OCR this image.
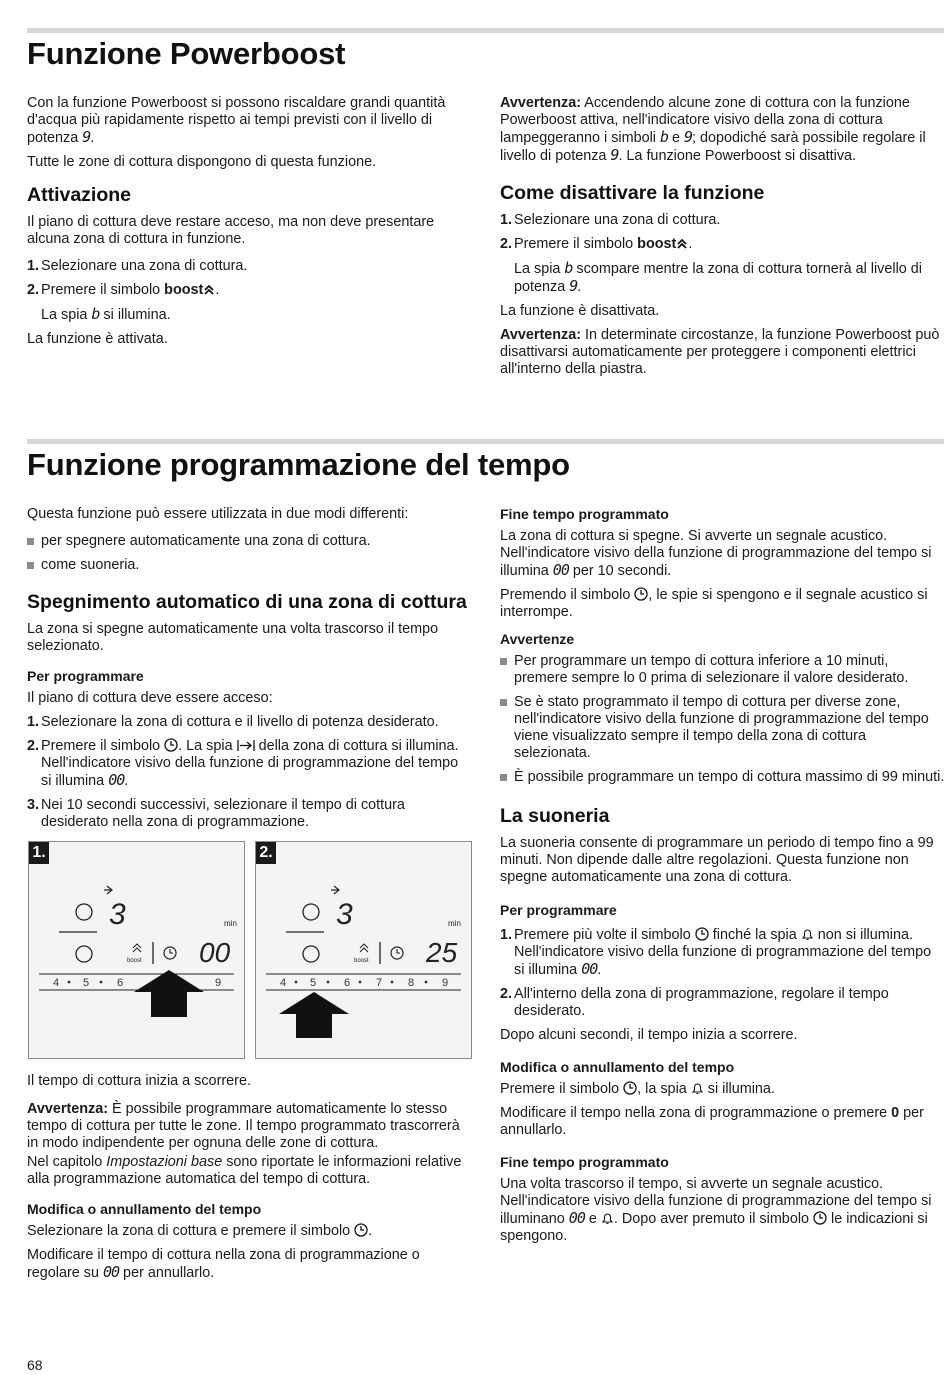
Funzione Powerboost

Con la funzione Powerboost si possono riscaldare grandi quantità d'acqua più rapidamente rispetto ai tempi previsti con il livello di potenza 9.

Tutte le zone di cottura dispongono di questa funzione.

Attivazione

Il piano di cottura deve restare acceso, ma non deve presentare alcuna zona di cottura in funzione.

1. Selezionare una zona di cottura.
2. Premere il simbolo boost .
La spia b si illumina.

La funzione è attivata.

Avvertenza: Accendendo alcune zone di cottura con la funzione Powerboost attiva, nell'indicatore visivo della zona di cottura lampeggeranno i simboli b e 9; dopodiché sarà possibile regolare il livello di potenza 9. La funzione Powerboost si disattiva.

Come disattivare la funzione
1. Selezionare una zona di cottura.
2. Premere il simbolo boost .
La spia b scompare mentre la zona di cottura tornerà al livello di potenza 9.

La funzione è disattivata.

Avvertenza: In determinate circostanze, la funzione Powerboost può disattivarsi automaticamente per proteggere i componenti elettrici all'interno della piastra.

Funzione programmazione del tempo

Questa funzione può essere utilizzata in due modi differenti:

per spegnere automaticamente una zona di cottura.
come suoneria.
Spegnimento automatico di una zona di cottura

La zona si spegne automaticamente una volta trascorso il tempo selezionato.

Per programmare

Il piano di cottura deve essere acceso:

1. Selezionare la zona di cottura e il livello di potenza desiderato.
2. Premere il simbolo . La spia  della zona di cottura si illumina. Nell'indicatore visivo della funzione di programmazione del tempo si illumina 00.
3. Nei 10 secondi successivi, selezionare il tempo di cottura desiderato nella zona di programmazione.
1.
3
boost
min
00
4 5	6	9
2.
3
boost
min
25
4 5	6 7 8	9

Il tempo di cottura inizia a scorrere.

Avvertenza: È possibile programmare automaticamente lo stesso tempo di cottura per tutte le zone. Il tempo programmato trascorrerà in modo indipendente per ognuna delle zone di cottura.

Nel capitolo Impostazioni base sono riportate le informazioni relative alla programmazione automatica del tempo di cottura.

Modifica o annullamento del tempo

Selezionare la zona di cottura e premere il simbolo .

Modificare il tempo di cottura nella zona di programmazione o regolare su 00 per annullarlo.

Fine tempo programmato

La zona di cottura si spegne. Si avverte un segnale acustico. Nell'indicatore visivo della funzione di programmazione del tempo si illumina 00 per 10 secondi.

Premendo il simbolo , le spie si spengono e il segnale acustico si interrompe.

Avvertenze
Per programmare un tempo di cottura inferiore a 10 minuti, premere sempre lo 0 prima di selezionare il valore desiderato.
Se è stato programmato il tempo di cottura per diverse zone, nell'indicatore visivo della funzione di programmazione del tempo viene visualizzato sempre il tempo della zona di cottura selezionata.
È possibile programmare un tempo di cottura massimo di 99 minuti.
La suoneria

La suoneria consente di programmare un periodo di tempo fino a 99 minuti. Non dipende dalle altre regolazioni. Questa funzione non spegne automaticamente una zona di cottura.

Per programmare
1. Premere più volte il simbolo  finché la spia  non si illumina. Nell'indicatore visivo della funzione di programmazione del tempo si illumina 00.
2. All'interno della zona di programmazione, regolare il tempo desiderato.

Dopo alcuni secondi, il tempo inizia a scorrere.

Modifica o annullamento del tempo

Premere il simbolo , la spia  si illumina.

Modificare il tempo nella zona di programmazione o premere 0 per annullarlo.

Fine tempo programmato

Una volta trascorso il tempo, si avverte un segnale acustico. Nell'indicatore visivo della funzione di programmazione del tempo si illuminano 00 e . Dopo aver premuto il simbolo  le indicazioni si spengono.

68
